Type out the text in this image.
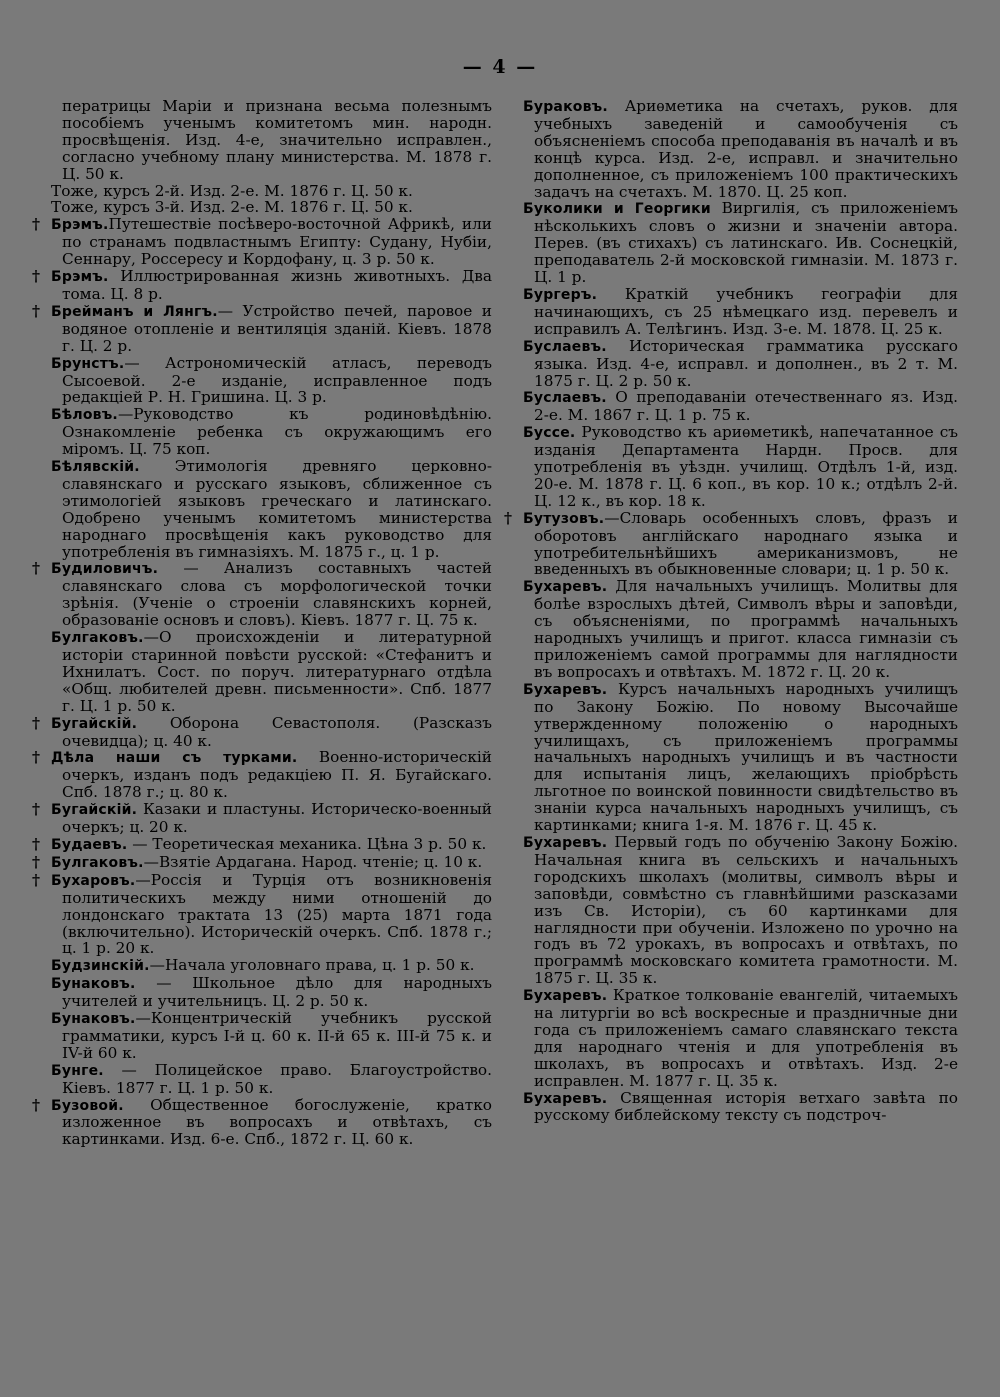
— 4 —

ператрицы Маріи и признана весьма полезнымъ пособіемъ ученымъ комитетомъ мин. народн. просвѣщенія. Изд. 4-е, значительно исправлен., согласно учебному плану министерства. М. 1878 г. Ц. 50 к.

Тоже, курсъ 2-й. Изд. 2-е. М. 1876 г. Ц. 50 к.

Тоже, курсъ 3-й. Изд. 2-е. М. 1876 г. Ц. 50 к.

† Брэмъ.Путешествіе посѣверо-восточной Африкѣ, или по странамъ подвластнымъ Египту: Судану, Нубіи, Сеннару, Россересу и Кордофану, ц. 3 р. 50 к.

† Брэмъ. Иллюстрированная жизнь животныхъ. Два тома. Ц. 8 р.

† Брейманъ и Лянгъ.— Устройство печей, паровое и водяное отопленіе и вентиляція зданій. Кіевъ. 1878 г. Ц. 2 р.

Брунстъ.— Астрономическій атласъ, переводъ Сысоевой. 2-е изданіе, исправленное подъ редакціей Р. Н. Гришина. Ц. 3 р.

Бѣловъ.—Руководство къ родиновѣдѣнію. Ознакомленіе ребенка съ окружающимъ его міромъ. Ц. 75 коп.

Бѣлявскій. Этимологія древняго церковно-славянскаго и русскаго языковъ, сближенное съ этимологіей языковъ греческаго и латинскаго. Одобрено ученымъ комитетомъ министерства народнаго просвѣщенія какъ руководство для употребленія въ гимназіяхъ. М. 1875 г., ц. 1 р.

† Будиловичъ. — Анализъ составныхъ частей славянскаго слова съ морфологической точки зрѣнія. (Ученіе о строеніи славянскихъ корней, образованіе основъ и словъ). Кіевъ. 1877 г. Ц. 75 к.

Булгаковъ.—О происхожденіи и литературной исторіи старинной повѣсти русской: «Стефанитъ и Ихнилатъ. Сост. по поруч. литературнаго отдѣла «Общ. любителей древн. письменности». Спб. 1877 г. Ц. 1 р. 50 к.

† Бугайскій. Оборона Севастополя. (Разсказъ очевидца); ц. 40 к.

† Дѣла наши съ турками. Военно-историческій очеркъ, изданъ подъ редакціею П. Я. Бугайскаго. Спб. 1878 г.; ц. 80 к.

† Бугайскій. Казаки и пластуны. Историческо-военный очеркъ; ц. 20 к.

† Будаевъ. — Теоретическая механика. Цѣна 3 р. 50 к.

† Булгаковъ.—Взятіе Ардагана. Народ. чтеніе; ц. 10 к.

† Бухаровъ.—Россія и Турція отъ возникновенія политическихъ между ними отношеній до лондонскаго трактата 13 (25) марта 1871 года (включительно). Историческій очеркъ. Спб. 1878 г.; ц. 1 р. 20 к.

Будзинскій.—Начала уголовнаго права, ц. 1 р. 50 к.

Бунаковъ. — Школьное дѣло для народныхъ учителей и учительницъ. Ц. 2 р. 50 к.

Бунаковъ.—Концентрическій учебникъ русской грамматики, курсъ I-й ц. 60 к. II-й 65 к. III-й 75 к. и IV-й 60 к.

Бунге. — Полицейское право. Благоустройство. Кіевъ. 1877 г. Ц. 1 р. 50 к.

† Бузовой. Общественное богослуженіе, кратко изложенное въ вопросахъ и отвѣтахъ, съ картинками. Изд. 6-е. Спб., 1872 г. Ц. 60 к.

Бураковъ. Ариѳметика на счетахъ, руков. для учебныхъ заведеній и самообученія съ объясненіемъ способа преподаванія въ началѣ и въ концѣ курса. Изд. 2-е, исправл. и значительно дополненное, съ приложеніемъ 100 практическихъ задачъ на счетахъ. М. 1870. Ц. 25 коп.

Буколики и Георгики Виргилія, съ приложеніемъ нѣсколькихъ словъ о жизни и значеніи автора. Перев. (въ стихахъ) съ латинскаго. Ив. Соснецкій, преподаватель 2-й московской гимназіи. М. 1873 г. Ц. 1 р.

Бургеръ. Краткій учебникъ географіи для начинающихъ, съ 25 нѣмецкаго изд. перевелъ и исправилъ А. Телѣгинъ. Изд. 3-е. М. 1878. Ц. 25 к.

Буслаевъ. Историческая грамматика русскаго языка. Изд. 4-е, исправл. и дополнен., въ 2 т. М. 1875 г. Ц. 2 р. 50 к.

Буслаевъ. О преподаваніи отечественнаго яз. Изд. 2-е. М. 1867 г. Ц. 1 р. 75 к.

Буссе. Руководство къ ариѳметикѣ, напечатанное съ изданія Департамента Нардн. Просв. для употребленія въ уѣздн. училищ. Отдѣлъ 1-й, изд. 20-е. М. 1878 г. Ц. 6 коп., въ кор. 10 к.; отдѣлъ 2-й. Ц. 12 к., въ кор. 18 к.

† Бутузовъ.—Словарь особенныхъ словъ, фразъ и оборотовъ англійскаго народнаго языка и употребительнѣйшихъ американизмовъ, не введенныхъ въ обыкновенные словари; ц. 1 р. 50 к.

Бухаревъ. Для начальныхъ училищъ. Молитвы для болѣе взрослыхъ дѣтей, Символъ вѣры и заповѣди, съ объясненіями, по программѣ начальныхъ народныхъ училищъ и пригот. класса гимназіи съ приложеніемъ самой программы для наглядности въ вопросахъ и отвѣтахъ. М. 1872 г. Ц. 20 к.

Бухаревъ. Курсъ начальныхъ народныхъ училищъ по Закону Божію. По новому Высочайше утвержденному положенію о народныхъ училищахъ, съ приложеніемъ программы начальныхъ народныхъ училищъ и въ частности для испытанія лицъ, желающихъ пріобрѣсть льготное по воинской повинности свидѣтельство въ знаніи курса начальныхъ народныхъ училищъ, съ картинками; книга 1-я. М. 1876 г. Ц. 45 к.

Бухаревъ. Первый годъ по обученію Закону Божію. Начальная книга въ сельскихъ и начальныхъ городскихъ школахъ (молитвы, символъ вѣры и заповѣди, совмѣстно съ главнѣйшими разсказами изъ Св. Исторіи), съ 60 картинками для наглядности при обученіи. Изложено по урочно на годъ въ 72 урокахъ, въ вопросахъ и отвѣтахъ, по программѣ московскаго комитета грамотности. М. 1875 г. Ц. 35 к.

Бухаревъ. Краткое толкованіе евангелій, читаемыхъ на литургіи во всѣ воскресные и праздничные дни года съ приложеніемъ самаго славянскаго текста для народнаго чтенія и для употребленія въ школахъ, въ вопросахъ и отвѣтахъ. Изд. 2-е исправлен. М. 1877 г. Ц. 35 к.

Бухаревъ. Священная исторія ветхаго завѣта по русскому библейскому тексту съ подстроч-
